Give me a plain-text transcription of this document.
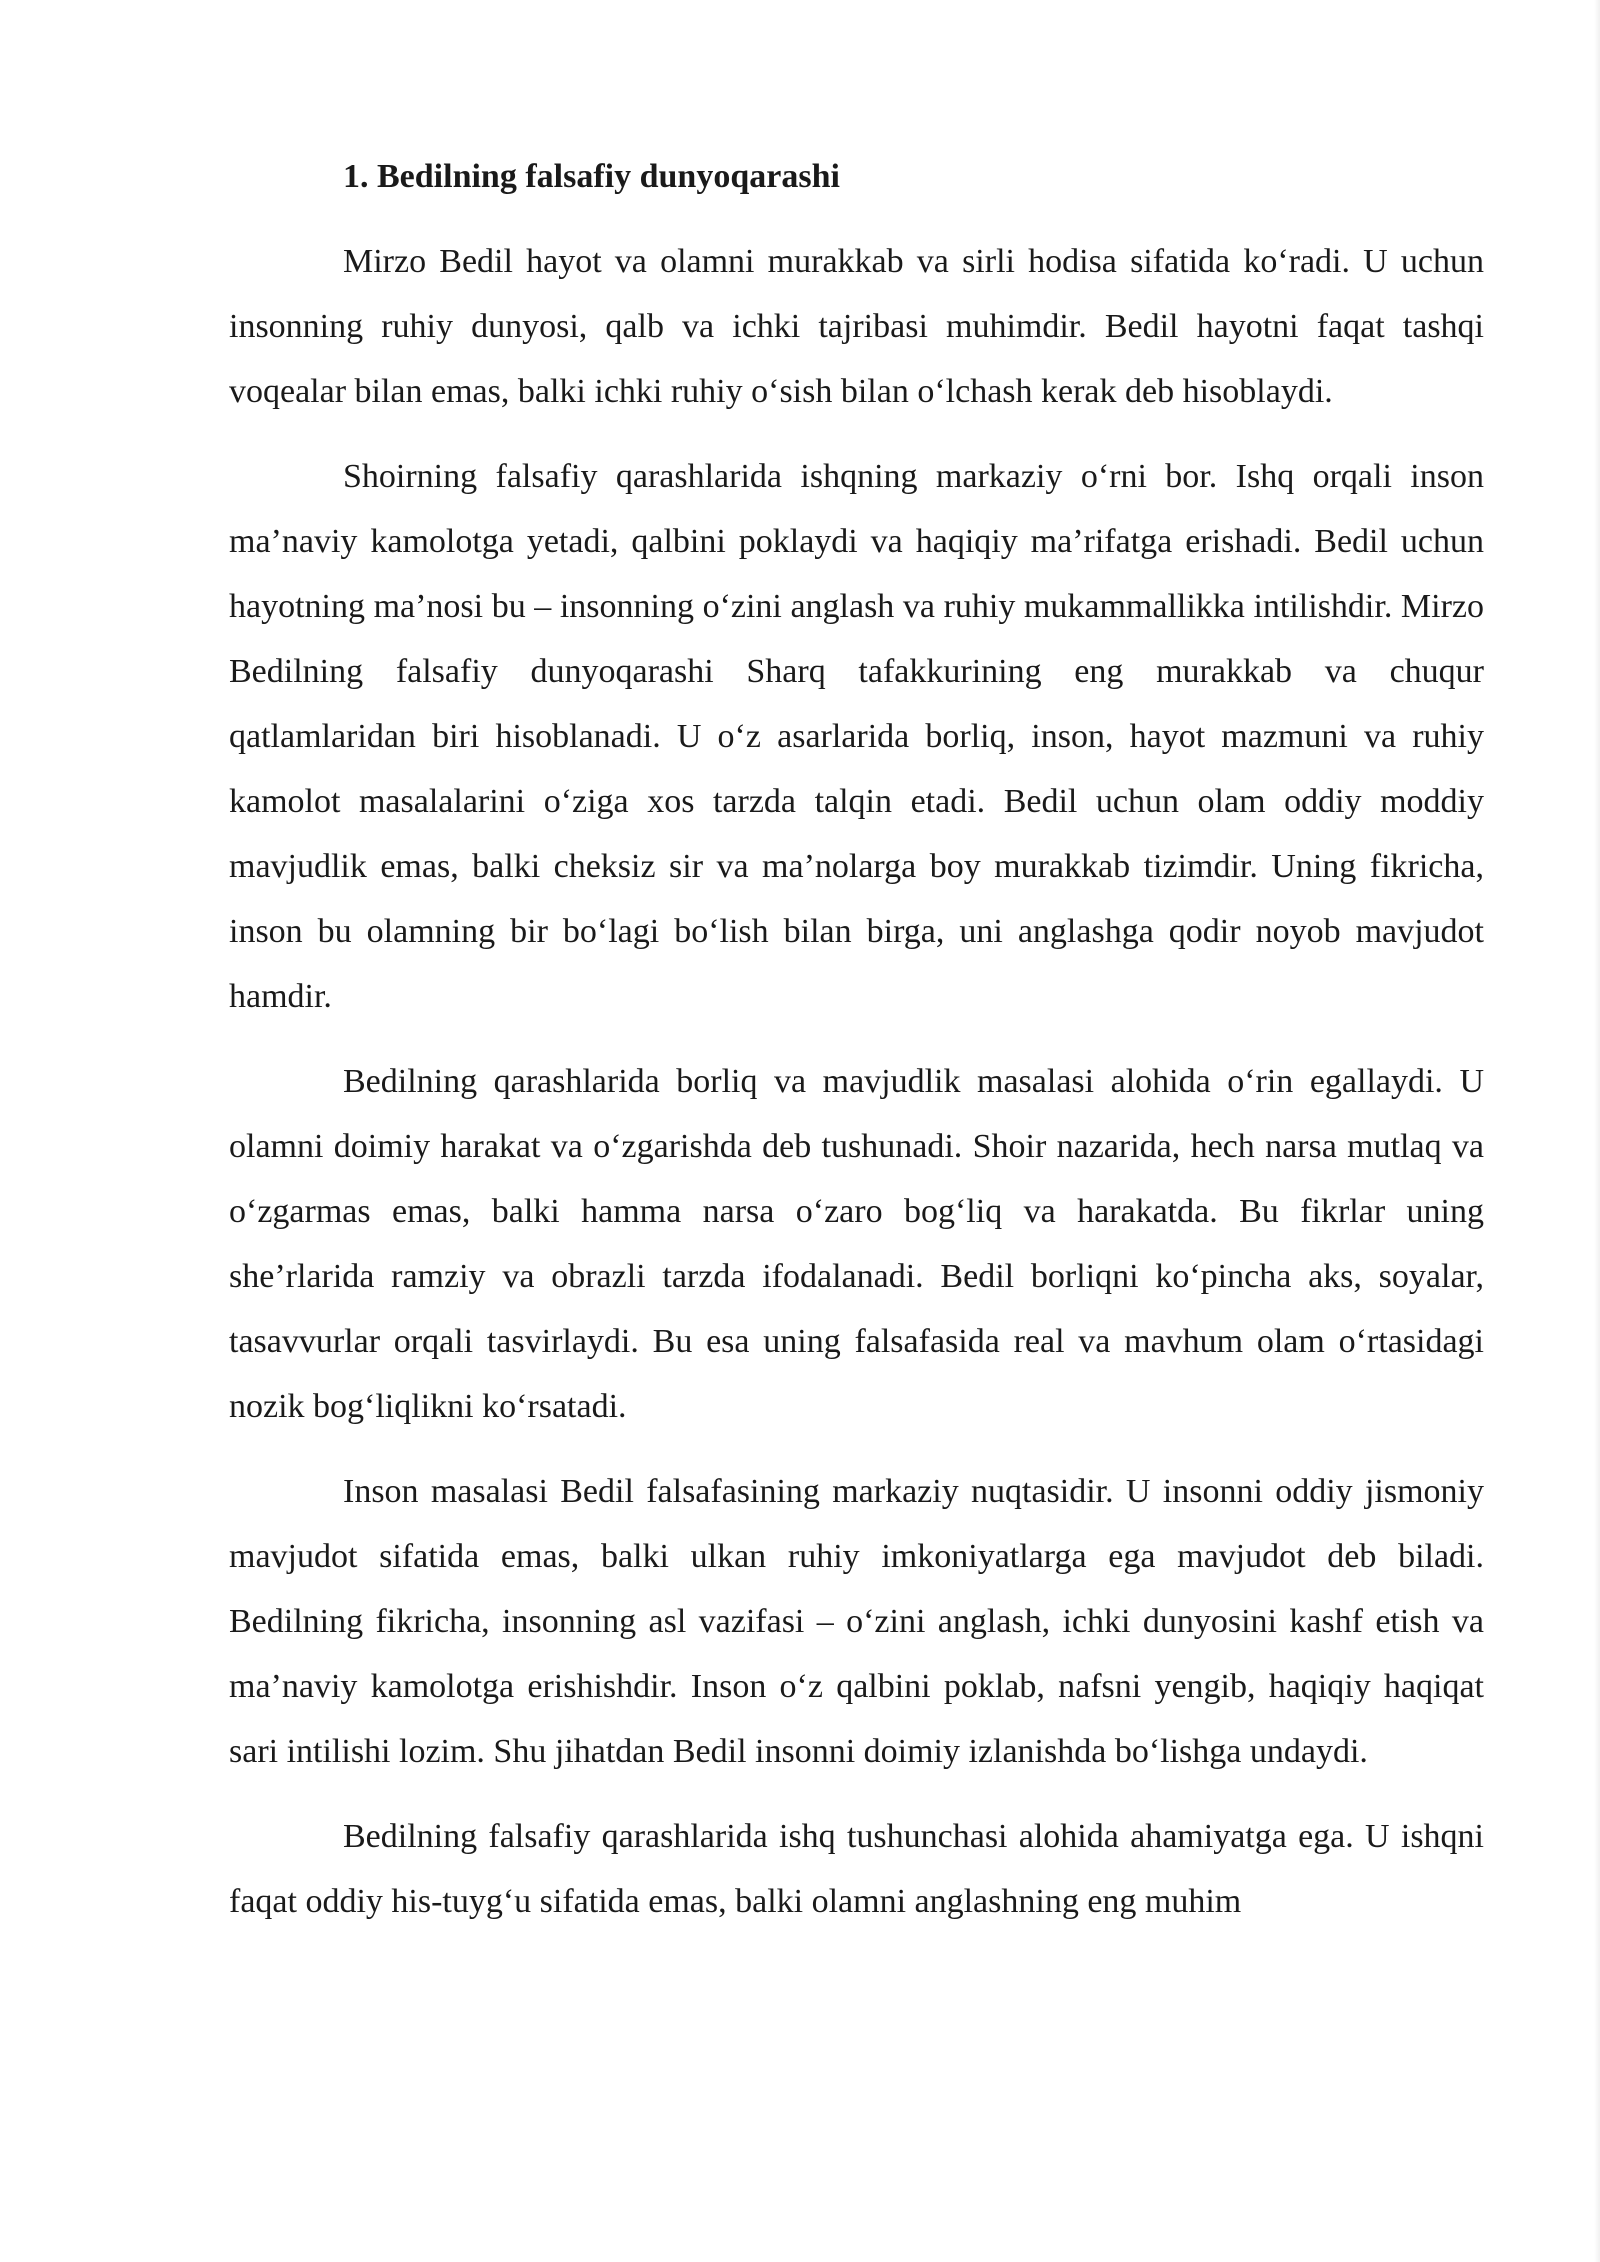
1. Bedilning falsafiy dunyoqarashi

Mirzo Bedil hayot va olamni murakkab va sirli hodisa sifatida ko‘radi. U uchun insonning ruhiy dunyosi, qalb va ichki tajribasi muhimdir. Bedil hayotni faqat tashqi voqealar bilan emas, balki ichki ruhiy o‘sish bilan o‘lchash kerak deb hisoblaydi.

Shoirning falsafiy qarashlarida ishqning markaziy o‘rni bor. Ishq orqali inson ma’naviy kamolotga yetadi, qalbini poklaydi va haqiqiy ma’rifatga erishadi. Bedil uchun hayotning ma’nosi bu – insonning o‘zini anglash va ruhiy mukammallikka intilishdir. Mirzo Bedilning falsafiy dunyoqarashi Sharq tafakkurining eng murakkab va chuqur qatlamlaridan biri hisoblanadi. U o‘z asarlarida borliq, inson, hayot mazmuni va ruhiy kamolot masalalarini o‘ziga xos tarzda talqin etadi. Bedil uchun olam oddiy moddiy mavjudlik emas, balki cheksiz sir va ma’nolarga boy murakkab tizimdir. Uning fikricha, inson bu olamning bir bo‘lagi bo‘lish bilan birga, uni anglashga qodir noyob mavjudot hamdir.

Bedilning qarashlarida borliq va mavjudlik masalasi alohida o‘rin egallaydi. U olamni doimiy harakat va o‘zgarishda deb tushunadi. Shoir nazarida, hech narsa mutlaq va o‘zgarmas emas, balki hamma narsa o‘zaro bog‘liq va harakatda. Bu fikrlar uning she’rlarida ramziy va obrazli tarzda ifodalanadi. Bedil borliqni ko‘pincha aks, soyalar, tasavvurlar orqali tasvirlaydi. Bu esa uning falsafasida real va mavhum olam o‘rtasidagi nozik bog‘liqlikni ko‘rsatadi.

Inson masalasi Bedil falsafasining markaziy nuqtasidir. U insonni oddiy jismoniy mavjudot sifatida emas, balki ulkan ruhiy imkoniyatlarga ega mavjudot deb biladi. Bedilning fikricha, insonning asl vazifasi – o‘zini anglash, ichki dunyosini kashf etish va ma’naviy kamolotga erishishdir. Inson o‘z qalbini poklab, nafsni yengib, haqiqiy haqiqat sari intilishi lozim. Shu jihatdan Bedil insonni doimiy izlanishda bo‘lishga undaydi.

Bedilning falsafiy qarashlarida ishq tushunchasi alohida ahamiyatga ega. U ishqni faqat oddiy his-tuyg‘u sifatida emas, balki olamni anglashning eng muhim
